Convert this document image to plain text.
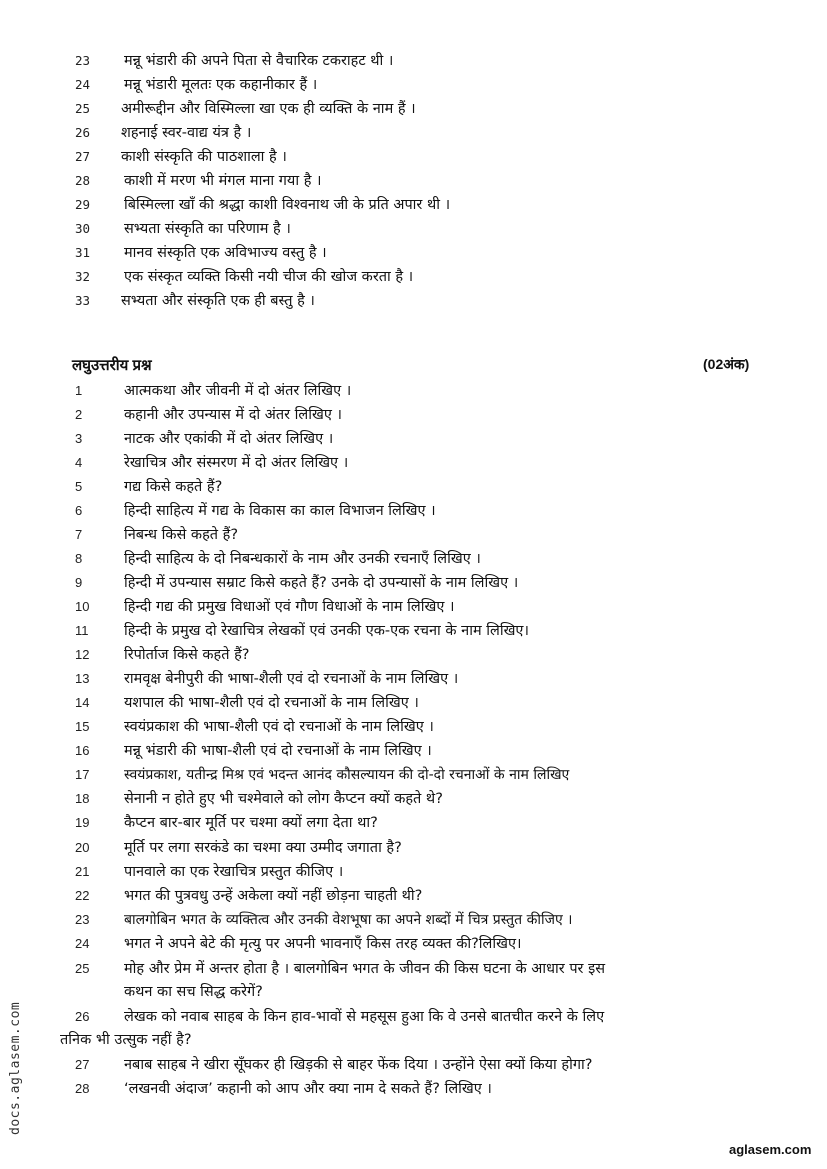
23 मन्नू भंडारी की अपने पिता से वैचारिक टकराहट थी ।
24 मन्नू भंडारी मूलतः एक कहानीकार हैं ।
25 अमीरूद्दीन और विस्मिल्ला खा एक ही व्यक्ति के नाम हैं ।
26 शहनाई स्वर-वाद्य यंत्र है ।
27 काशी संस्कृति की पाठशाला है ।
28 काशी में मरण भी मंगल माना गया है ।
29 बिस्मिल्ला खाँ की श्रद्धा काशी विश्वनाथ जी के प्रति अपार थी ।
30 सभ्यता संस्कृति का परिणाम है ।
31 मानव संस्कृति एक अविभाज्य वस्तु है ।
32 एक संस्कृत व्यक्ति किसी नयी चीज की खोज करता है ।
33 सभ्यता और संस्कृति एक ही बस्तु है ।
लघुउत्तरीय प्रश्न	(02अंक)
1	आत्मकथा और जीवनी में दो अंतर लिखिए ।
2	कहानी और उपन्यास में दो अंतर लिखिए ।
3	नाटक और एकांकी में दो अंतर लिखिए ।
4	रेखाचित्र और संस्मरण में दो अंतर लिखिए ।
5	गद्य किसे कहते हैं?
6	हिन्दी साहित्य में गद्य के विकास का काल विभाजन लिखिए ।
7	निबन्ध किसे कहते हैं?
8	हिन्दी साहित्य के दो निबन्धकारों के नाम और उनकी रचनाएँ लिखिए ।
9	हिन्दी में उपन्यास सम्राट किसे कहते हैं? उनके दो उपन्यासों के नाम लिखिए ।
10 हिन्दी गद्य की प्रमुख विधाओं एवं गौण विधाओं के नाम लिखिए ।
11 हिन्दी के प्रमुख दो रेखाचित्र लेखकों एवं उनकी एक-एक रचना के नाम लिखिए।
12 रिपोर्ताज किसे कहते हैं?
13 रामवृक्ष बेनीपुरी की भाषा-शैली एवं दो रचनाओं के नाम लिखिए ।
14 यशपाल की भाषा-शैली एवं दो रचनाओं के नाम लिखिए ।
15 स्वयंप्रकाश की भाषा-शैली एवं दो रचनाओं के नाम लिखिए ।
16 मन्नू भंडारी की भाषा-शैली एवं दो रचनाओं के नाम लिखिए ।
17 स्वयंप्रकाश, यतीन्द्र मिश्र एवं भदन्त आनंद कौसल्यायन की दो-दो रचनाओं के नाम लिखिए
18 सेनानी न होते हुए भी चश्मेवाले को लोग कैप्टन क्यों कहते थे?
19 कैप्टन बार-बार मूर्ति पर चश्मा क्यों लगा देता था?
20 मूर्ति पर लगा सरकंडे का चश्मा क्या उम्मीद जगाता है?
21 पानवाले का एक रेखाचित्र प्रस्तुत कीजिए ।
22 भगत की पुत्रवधु उन्हें अकेला क्यों नहीं छोड़ना चाहती थी?
23 बालगोबिन भगत के व्यक्तित्व और उनकी वेशभूषा का अपने शब्दों में चित्र प्रस्तुत कीजिए ।
24 भगत ने अपने बेटे की मृत्यु पर अपनी भावनाएँ किस तरह व्यक्त की?लिखिए।
25 मोह और प्रेम में अन्तर होता है । बालगोबिन भगत के जीवन की किस घटना के आधार पर इस
कथन का सच सिद्ध करेगें?
26 लेखक को नवाब साहब के किन हाव-भावों से महसूस हुआ कि वे उनसे बातचीत करने के लिए
तनिक भी उत्सुक नहीं है?
27 नबाब साहब ने खीरा सूँघकर ही खिड़की से बाहर फेंक दिया । उन्होंने ऐसा क्यों किया होगा?
28 ‘लखनवी अंदाज’ कहानी को आप और क्या नाम दे सकते हैं? लिखिए ।
docs.aglasem.com
aglasem.com
